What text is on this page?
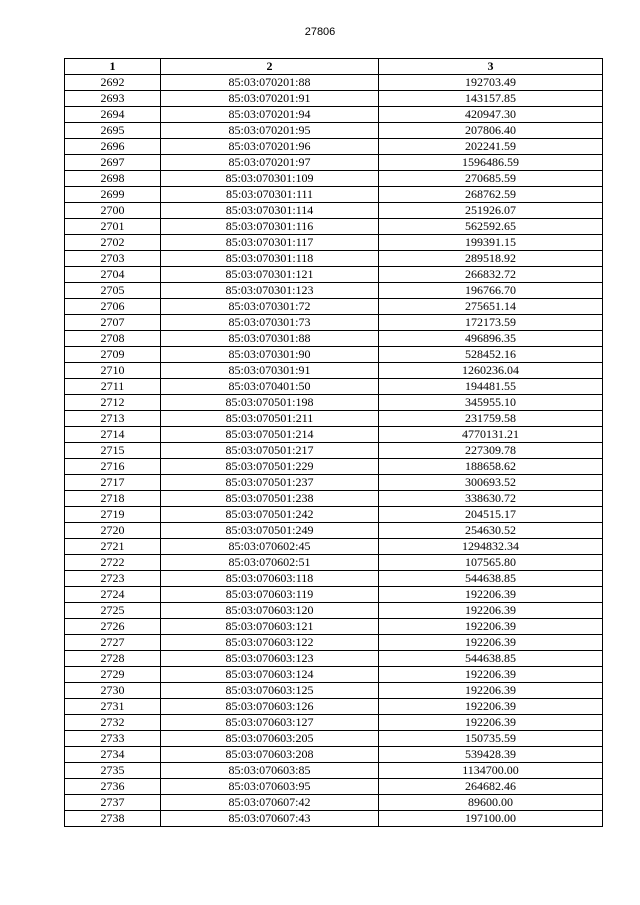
27806
1	2	3
2692	85:03:070201:88	192703.49
2693	85:03:070201:91	143157.85
2694	85:03:070201:94	420947.30
2695	85:03:070201:95	207806.40
2696	85:03:070201:96	202241.59
2697	85:03:070201:97	1596486.59
2698	85:03:070301:109	270685.59
2699	85:03:070301:111	268762.59
2700	85:03:070301:114	251926.07
2701	85:03:070301:116	562592.65
2702	85:03:070301:117	199391.15
2703	85:03:070301:118	289518.92
2704	85:03:070301:121	266832.72
2705	85:03:070301:123	196766.70
2706	85:03:070301:72	275651.14
2707	85:03:070301:73	172173.59
2708	85:03:070301:88	496896.35
2709	85:03:070301:90	528452.16
2710	85:03:070301:91	1260236.04
2711	85:03:070401:50	194481.55
2712	85:03:070501:198	345955.10
2713	85:03:070501:211	231759.58
2714	85:03:070501:214	4770131.21
2715	85:03:070501:217	227309.78
2716	85:03:070501:229	188658.62
2717	85:03:070501:237	300693.52
2718	85:03:070501:238	338630.72
2719	85:03:070501:242	204515.17
2720	85:03:070501:249	254630.52
2721	85:03:070602:45	1294832.34
2722	85:03:070602:51	107565.80
2723	85:03:070603:118	544638.85
2724	85:03:070603:119	192206.39
2725	85:03:070603:120	192206.39
2726	85:03:070603:121	192206.39
2727	85:03:070603:122	192206.39
2728	85:03:070603:123	544638.85
2729	85:03:070603:124	192206.39
2730	85:03:070603:125	192206.39
2731	85:03:070603:126	192206.39
2732	85:03:070603:127	192206.39
2733	85:03:070603:205	150735.59
2734	85:03:070603:208	539428.39
2735	85:03:070603:85	1134700.00
2736	85:03:070603:95	264682.46
2737	85:03:070607:42	89600.00
2738	85:03:070607:43	197100.00
